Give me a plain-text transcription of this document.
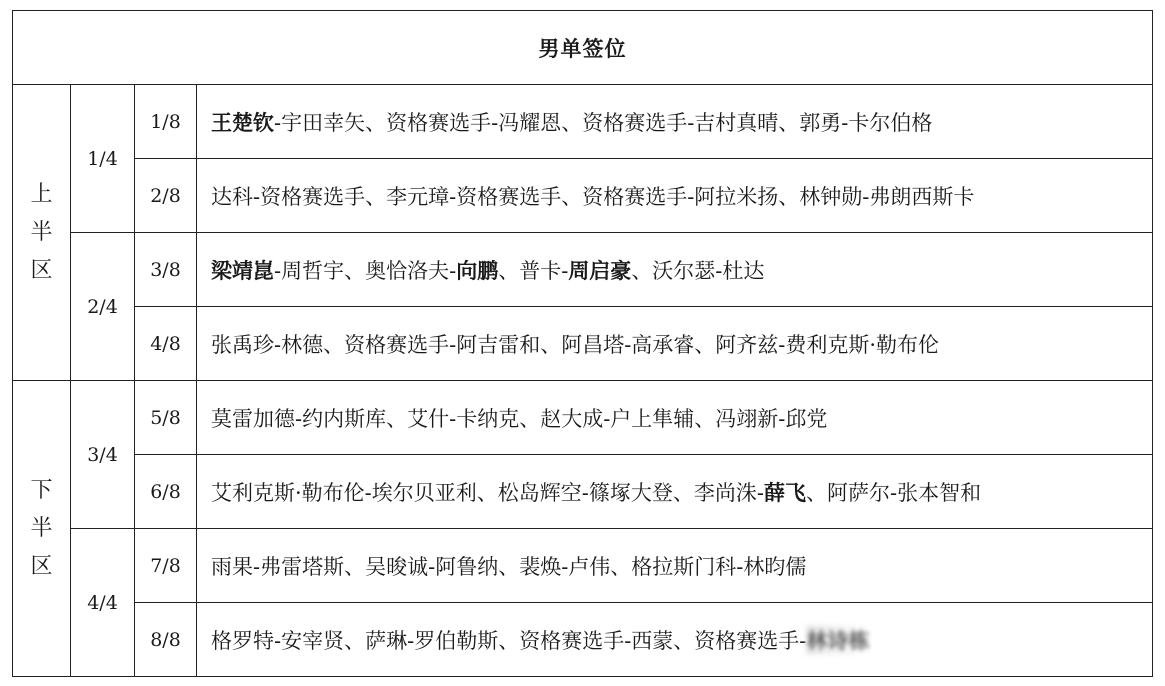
男单签位			

上
半
区	1/4	1/8	王楚钦-宇田幸矢、资格赛选手-冯耀恩、资格赛选手-吉村真晴、郭勇-卡尔伯格
		2/8	达科-资格赛选手、李元璋-资格赛选手、资格赛选手-阿拉米扬、林钟勋-弗朗西斯卡
	2/4	3/8	梁靖崑-周哲宇、奥恰洛夫-向鹏、普卡-周启豪、沃尔瑟-杜达
		4/8	张禹珍-林德、资格赛选手-阿吉雷和、阿昌塔-高承睿、阿齐兹-费利克斯·勒布伦

下
半
区	3/4	5/8	莫雷加德-约内斯库、艾什-卡纳克、赵大成-户上隼辅、冯翊新-邱党
		6/8	艾利克斯·勒布伦-埃尔贝亚利、松岛辉空-篠塚大登、李尚洙-薛飞、阿萨尔-张本智和
	4/4	7/8	雨果-弗雷塔斯、吴晙诚-阿鲁纳、裴焕-卢伟、格拉斯门科-林昀儒
		8/8	格罗特-安宰贤、萨琳-罗伯勒斯、资格赛选手-西蒙、资格赛选手-林诗栋
